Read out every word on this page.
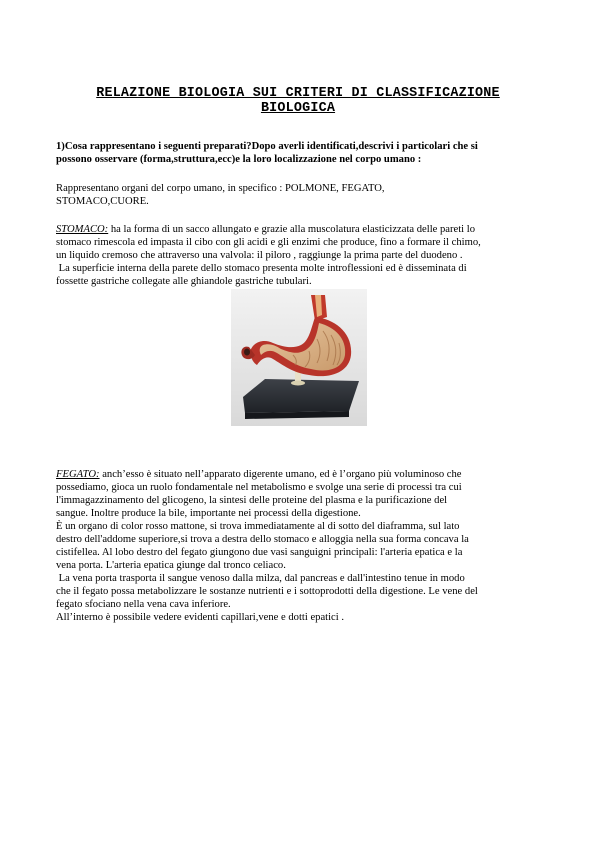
RELAZIONE BIOLOGIA SUI CRITERI DI CLASSIFICAZIONE
BIOLOGICA
1)Cosa rappresentano i seguenti preparati?Dopo averli identificati,descrivi i particolari che si
possono osservare (forma,struttura,ecc)e la loro localizzazione nel corpo umano :
Rappresentano organi del corpo umano, in specifico : POLMONE, FEGATO,
STOMACO,CUORE.
STOMACO: ha la forma di un sacco allungato e grazie alla muscolatura elasticizzata delle pareti lo
stomaco rimescola ed impasta il cibo con gli acidi e gli enzimi che produce, fino a formare il chimo,
un liquido cremoso che attraverso una valvola: il piloro , raggiunge la prima parte del duodeno .
La superficie interna della parete dello stomaco presenta molte introflessioni ed è disseminata di
fossette gastriche collegate alle ghiandole gastriche tubulari.
FEGATO: anch’esso è situato nell’apparato digerente umano, ed è l’organo più voluminoso che
possediamo, gioca un ruolo fondamentale nel metabolismo e svolge una serie di processi tra cui
l'immagazzinamento del glicogeno, la sintesi delle proteine del plasma e la purificazione del
sangue. Inoltre produce la bile, importante nei processi della digestione.
È un organo di color rosso mattone, si trova immediatamente al di sotto del diaframma, sul lato
destro dell'addome superiore,si trova a destra dello stomaco e alloggia nella sua forma concava la
cistifellea. Al lobo destro del fegato giungono due vasi sanguigni principali: l'arteria epatica e la
vena porta. L'arteria epatica giunge dal tronco celiaco.
La vena porta trasporta il sangue venoso dalla milza, dal pancreas e dall'intestino tenue in modo
che il fegato possa metabolizzare le sostanze nutrienti e i sottoprodotti della digestione. Le vene del
fegato sfociano nella vena cava inferiore.
All’interno è possibile vedere evidenti capillari,vene e dotti epatici .
